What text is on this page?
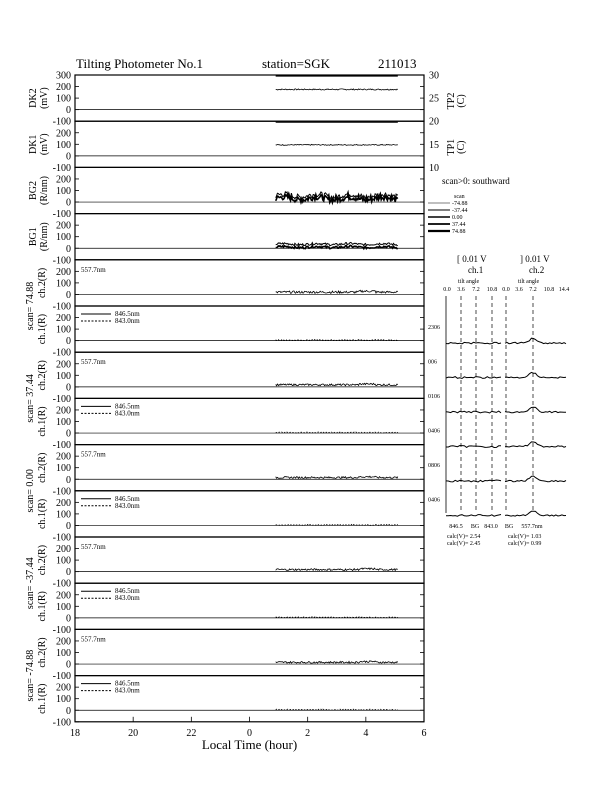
Tilting Photometer No.1	station=SGK	211013
300
200
100
0
-100
DK2 (mV)
200
100
0
-100
DK1 (mV)
200
100
0
-100
BG2 (R/nm)
200
100
0
-100
BG1 (R/nm)
200
100
0
-100
scan= 74.88 ch.2(R)	557.7nm
200
100
0
-100
ch.1(R)	846.5nm
843.0nm
200
100
0
-100
scan= 37.44 ch.2(R)	557.7nm
200
100
0
-100
ch.1(R)	846.5nm
843.0nm
200
100
0
-100
scan= 0.00
ch.2(R)	557.7nm
200
100
0
-100
ch.1(R)	846.5nm
843.0nm
200
100
0
-100
scan= -37.44 ch.2(R)	557.7nm
200
100
0
-100
ch.1(R)	846.5nm
843.0nm
200
100
0
-100
scan= -74.88 ch.2(R)	557.7nm
200
100
0
-100
ch.1(R)	846.5nm
843.0nm
18	20	22	0	2	4	6
Local Time (hour)
30
25
20
15
10
TP2 (C)
TP1 (C)
scan>0: southward
scan
-74.88
-37.44
0.00
37.44
74.88
[ 0.01 V
ch.1
] 0.01 V
ch.2
tilt angle	tilt angle
0.0 3.6 7.2 10.8 0.0 3.6 7.2 10.8 14.4
2306
006
0106
0406
0806
0406
846.5 BG 843.0 BG 557.7nm
calc(V)= 2.54
calc(V)= 2.45
calc(V)= 1.03
calc(V)= 0.99
